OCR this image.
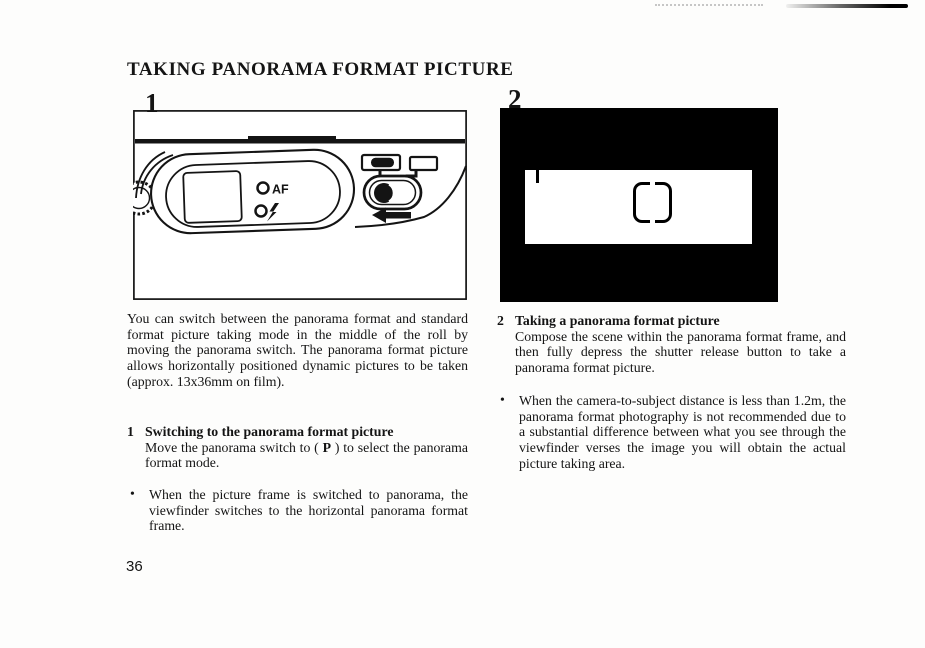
TAKING PANORAMA FORMAT PICTURE
1	2
AF

You can switch between the panorama format and standard format picture taking mode in the middle of the roll by moving the panorama switch. The panorama format picture allows horizontally positioned dynamic pictures to be taken (approx. 13x36mm on film).

1 Switching to the panorama format picture

Move the panorama switch to ( P ) to select the panorama format mode.

•	When the picture frame is switched to panorama, the viewfinder switches to the horizontal panorama format frame.

2 Taking a panorama format picture

Compose the scene within the panorama format frame, and then fully depress the shutter release button to take a panorama format picture.

•	When the camera-to-subject distance is less than 1.2m, the panorama format photography is not recommended due to a substantial difference between what you see through the viewfinder verses the image you will obtain the actual picture taking area.

36
